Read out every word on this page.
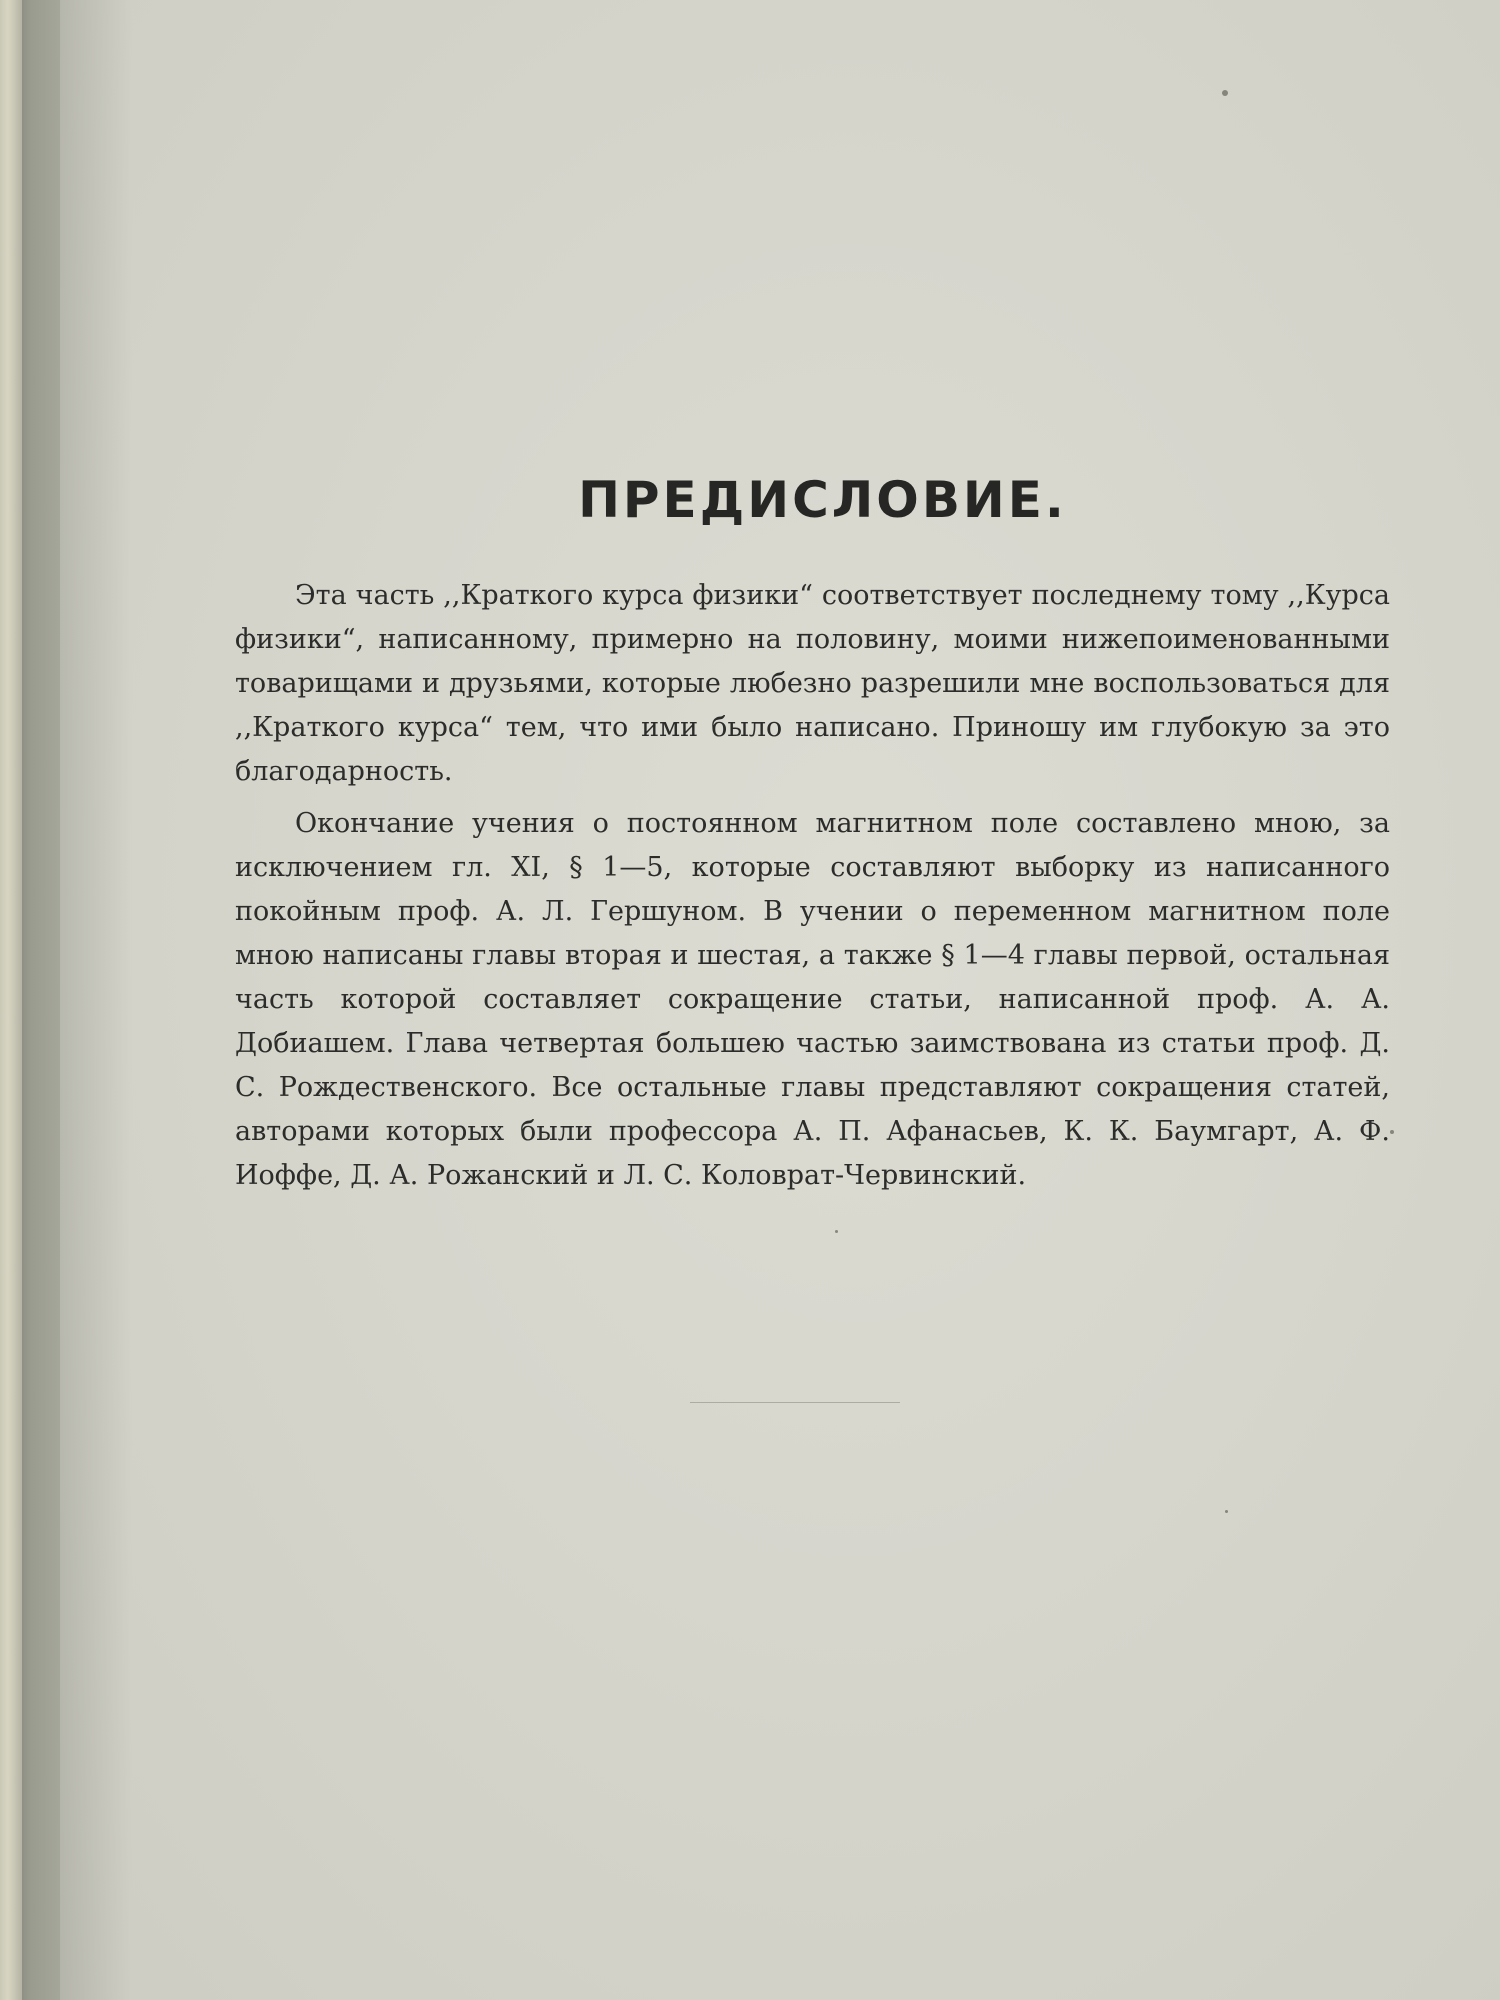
ПРЕДИСЛОВИЕ.

Эта часть ,,Краткого курса физики“ соответствует последнему тому ,,Курса физики“, написанному, примерно на половину, моими нижепоименованными товарищами и друзьями, которые любезно разрешили мне воспользоваться для ,,Краткого курса“ тем, что ими было написано. Приношу им глубокую за это благодарность.

Окончание учения о постоянном магнитном поле составлено мною, за исключением гл. XI, § 1—5, которые составляют выборку из написанного покойным проф. А. Л. Гершуном. В учении о переменном магнитном поле мною написаны главы вторая и шестая, а также § 1—4 главы первой, остальная часть которой составляет сокращение статьи, написанной проф. А. А. Добиашем. Глава четвертая большею частью заимствована из статьи проф. Д. С. Рождественского. Все остальные главы представляют сокращения статей, авторами которых были профессора А. П. Афанасьев, К. К. Баумгарт, А. Ф. Иоффе, Д. А. Рожанский и Л. С. Коловрат-Червинский.
